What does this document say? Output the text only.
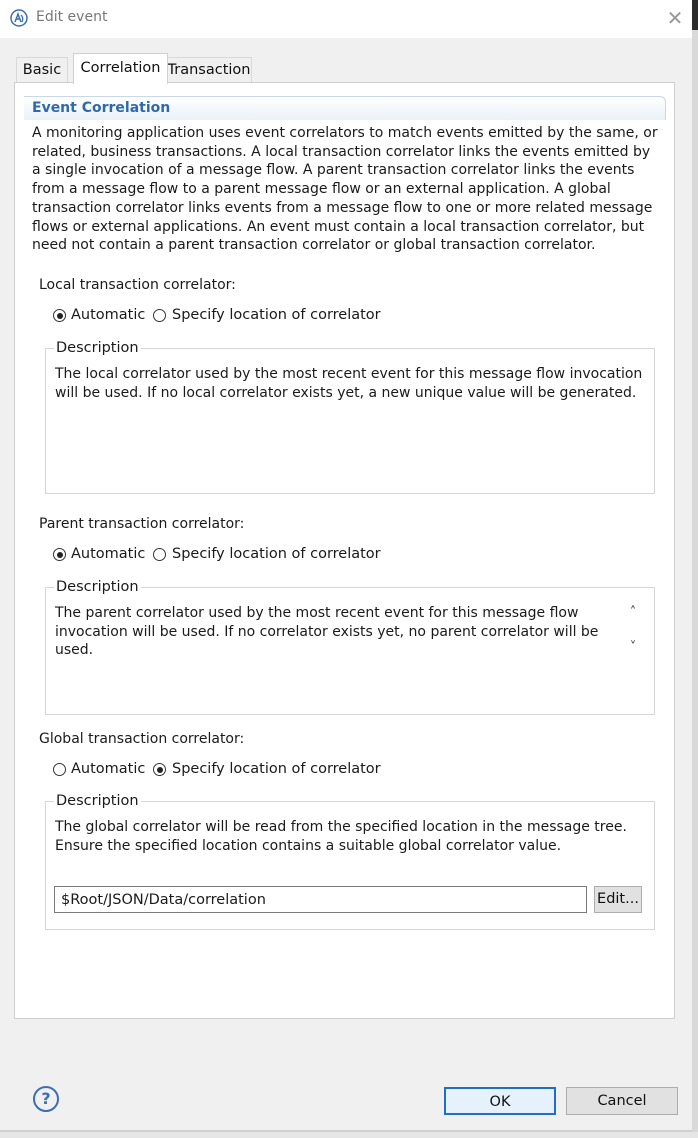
Edit event	✕
Basic	Correlation Transaction
Event Correlation
A monitoring application uses event correlators to match events emitted by the same, or related, business transactions. A local transaction correlator links the events emitted by a single invocation of a message flow. A parent transaction correlator links the events from a message flow to a parent message flow or an external application. A global transaction correlator links events from a message flow to one or more related message flows or external applications. An event must contain a local transaction correlator, but need not contain a parent transaction correlator or global transaction correlator.
Local transaction correlator:
Automatic Specify location of correlator
Description
The local correlator used by the most recent event for this message flow invocation will be used. If no local correlator exists yet, a new unique value will be generated.
Parent transaction correlator:
Automatic Specify location of correlator
Description
The parent correlator used by the most recent event for this message flow invocation will be used. If no correlator exists yet, no parent correlator will be used.
˄
˅
Global transaction correlator:
Automatic Specify location of correlator
Description
The global correlator will be read from the specified location in the message tree. Ensure the specified location contains a suitable global correlator value.
$Root/JSON/Data/correlation	Edit...
?	OK	Cancel
